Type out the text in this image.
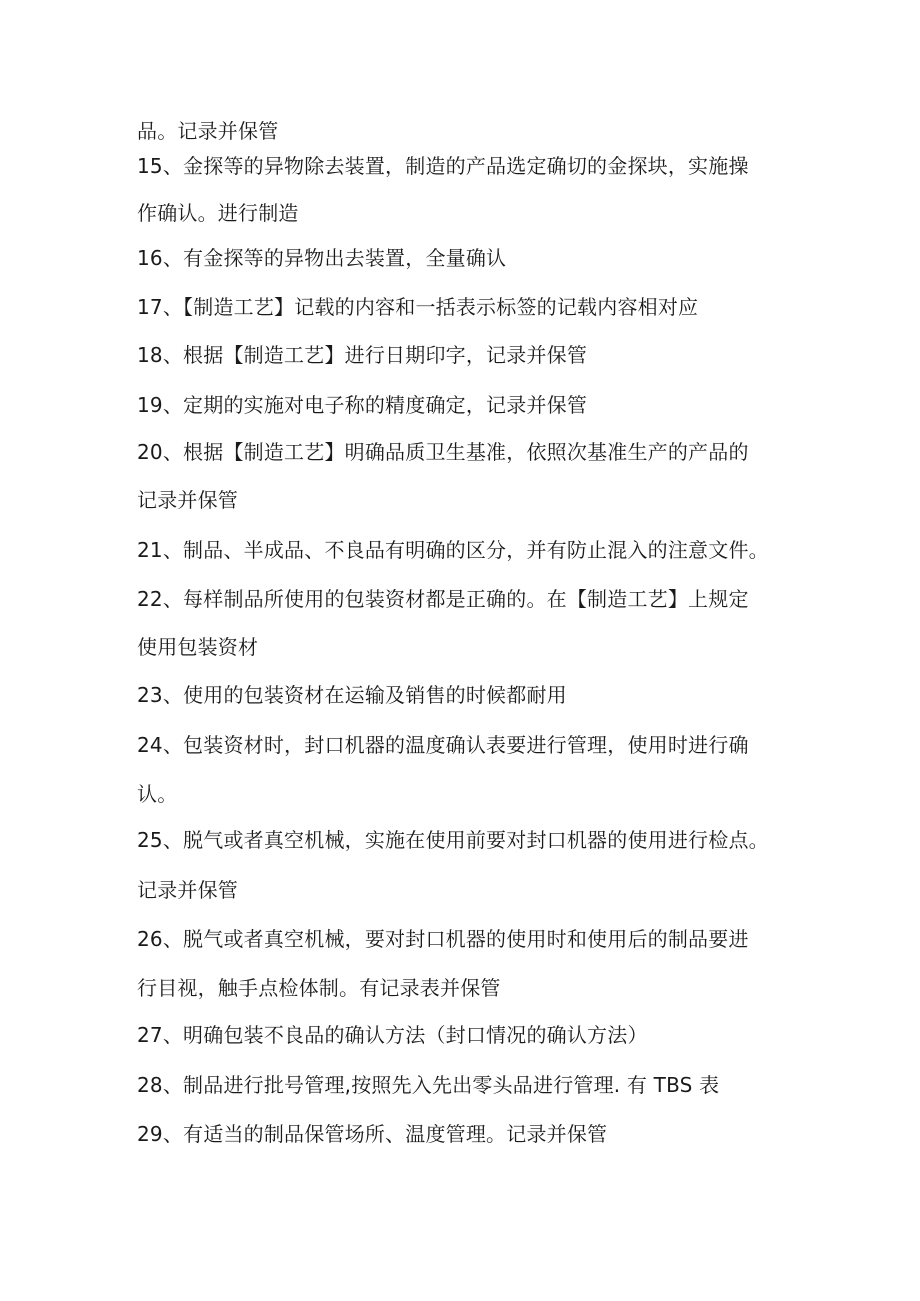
品。记录并保管
15、金探等的异物除去装置，制造的产品选定确切的金探块，实施操
作确认。进行制造
16、有金探等的异物出去装置，全量确认
17、【制造工艺】记载的内容和一括表示标签的记载内容相对应
18、根据【制造工艺】进行日期印字，记录并保管
19、定期的实施对电子称的精度确定，记录并保管
20、根据【制造工艺】明确品质卫生基准，依照次基准生产的产品的
记录并保管
21、制品、半成品、不良品有明确的区分，并有防止混入的注意文件。
22、每样制品所使用的包装资材都是正确的。在【制造工艺】上规定
使用包装资材
23、使用的包装资材在运输及销售的时候都耐用
24、包装资材时，封口机器的温度确认表要进行管理，使用时进行确
认。
25、脱气或者真空机械，实施在使用前要对封口机器的使用进行检点。
记录并保管
26、脱气或者真空机械，要对封口机器的使用时和使用后的制品要进
行目视，触手点检体制。有记录表并保管
27、明确包装不良品的确认方法（封口情况的确认方法）
28、制品进行批号管理,按照先入先出零头品进行管理. 有 TBS 表
29、有适当的制品保管场所、温度管理。记录并保管
